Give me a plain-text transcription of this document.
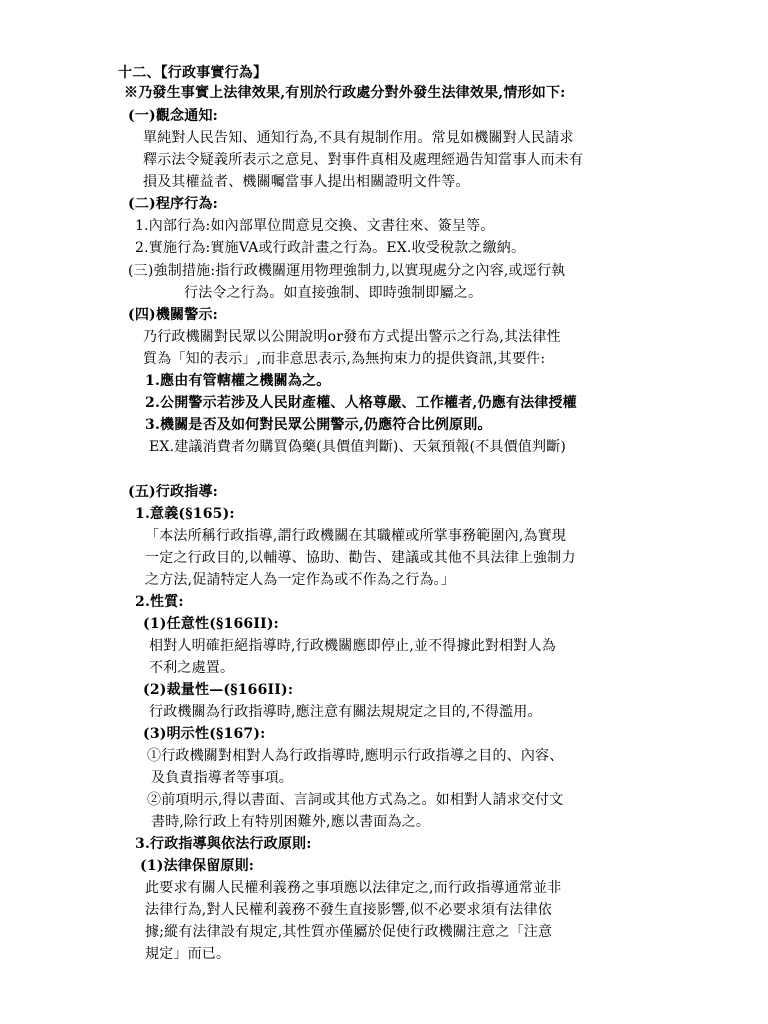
十二、【行政事實行為】
※乃發生事實上法律效果,有別於行政處分對外發生法律效果,情形如下:
(一)觀念通知:
單純對人民告知、通知行為,不具有規制作用。常見如機關對人民請求
釋示法令疑義所表示之意見、對事件真相及處理經過告知當事人而未有
損及其權益者、機關囑當事人提出相關證明文件等。
(二)程序行為:
1.內部行為:如內部單位間意見交換、文書往來、簽呈等。
2.實施行為:實施VA或行政計畫之行為。EX.收受稅款之繳納。
(三)強制措施:指行政機關運用物理強制力,以實現處分之內容,或逕行執
行法令之行為。如直接強制、即時強制即屬之。
(四)機關警示:
乃行政機關對民眾以公開說明or發布方式提出警示之行為,其法律性
質為「知的表示」,而非意思表示,為無拘束力的提供資訊,其要件:
1.應由有管轄權之機關為之。
2.公開警示若涉及人民財產權、人格尊嚴、工作權者,仍應有法律授權
3.機關是否及如何對民眾公開警示,仍應符合比例原則。
EX.建議消費者勿購買偽藥(具價值判斷)、天氣預報(不具價值判斷)
(五)行政指導:
1.意義(§165):
「本法所稱行政指導,謂行政機關在其職權或所掌事務範圍內,為實現
一定之行政目的,以輔導、協助、勸告、建議或其他不具法律上強制力
之方法,促請特定人為一定作為或不作為之行為。」
2.性質:
(1)任意性(§166II):
相對人明確拒絕指導時,行政機關應即停止,並不得據此對相對人為
不利之處置。
(2)裁量性—(§166II):
行政機關為行政指導時,應注意有關法規規定之目的,不得濫用。
(3)明示性(§167):
①行政機關對相對人為行政指導時,應明示行政指導之目的、內容、
及負責指導者等事項。
②前項明示,得以書面、言詞或其他方式為之。如相對人請求交付文
書時,除行政上有特別困難外,應以書面為之。
3.行政指導與依法行政原則:
(1)法律保留原則:
此要求有關人民權利義務之事項應以法律定之,而行政指導通常並非
法律行為,對人民權利義務不發生直接影響,似不必要求須有法律依
據;縱有法律設有規定,其性質亦僅屬於促使行政機關注意之「注意
規定」而已。
